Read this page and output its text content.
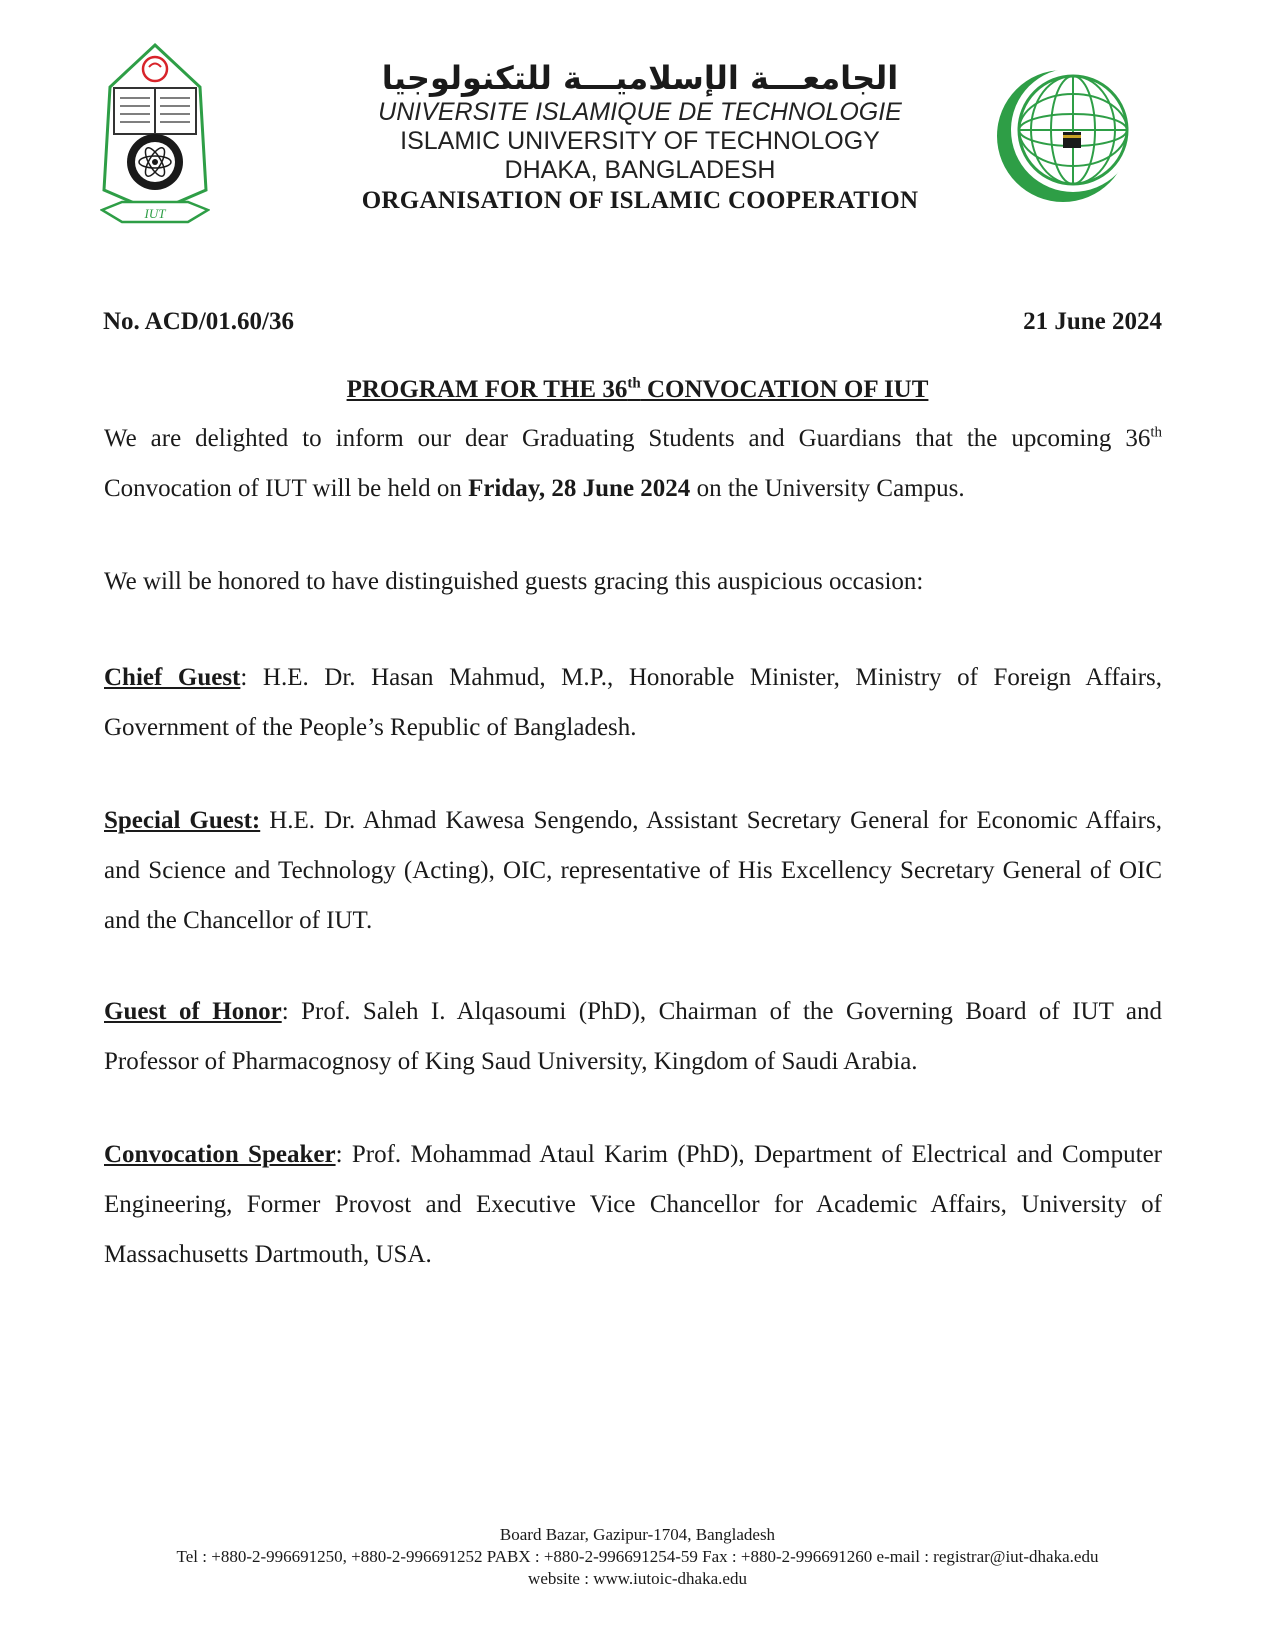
IUT
الجامعـــة الإسلاميـــة للتكنولوجيا
UNIVERSITE ISLAMIQUE DE TECHNOLOGIE
ISLAMIC UNIVERSITY OF TECHNOLOGY
DHAKA, BANGLADESH
ORGANISATION OF ISLAMIC COOPERATION
No. ACD/01.60/36	21 June 2024
PROGRAM FOR THE 36th CONVOCATION OF IUT
We are delighted to inform our dear Graduating Students and Guardians that the upcoming 36th Convocation of IUT will be held on Friday, 28 June 2024 on the University Campus.
We will be honored to have distinguished guests gracing this auspicious occasion:
Chief Guest: H.E. Dr. Hasan Mahmud, M.P., Honorable Minister, Ministry of Foreign Affairs, Government of the People’s Republic of Bangladesh.
Special Guest: H.E. Dr. Ahmad Kawesa Sengendo, Assistant Secretary General for Economic Affairs, and Science and Technology (Acting), OIC, representative of His Excellency Secretary General of OIC and the Chancellor of IUT.
Guest of Honor: Prof. Saleh I. Alqasoumi (PhD), Chairman of the Governing Board of IUT and Professor of Pharmacognosy of King Saud University, Kingdom of Saudi Arabia.
Convocation Speaker: Prof. Mohammad Ataul Karim (PhD), Department of Electrical and Computer Engineering, Former Provost and Executive Vice Chancellor for Academic Affairs, University of Massachusetts Dartmouth, USA.
Board Bazar, Gazipur-1704, Bangladesh
Tel : +880-2-996691250, +880-2-996691252 PABX : +880-2-996691254-59 Fax : +880-2-996691260 e-mail : registrar@iut-dhaka.edu
website : www.iutoic-dhaka.edu
